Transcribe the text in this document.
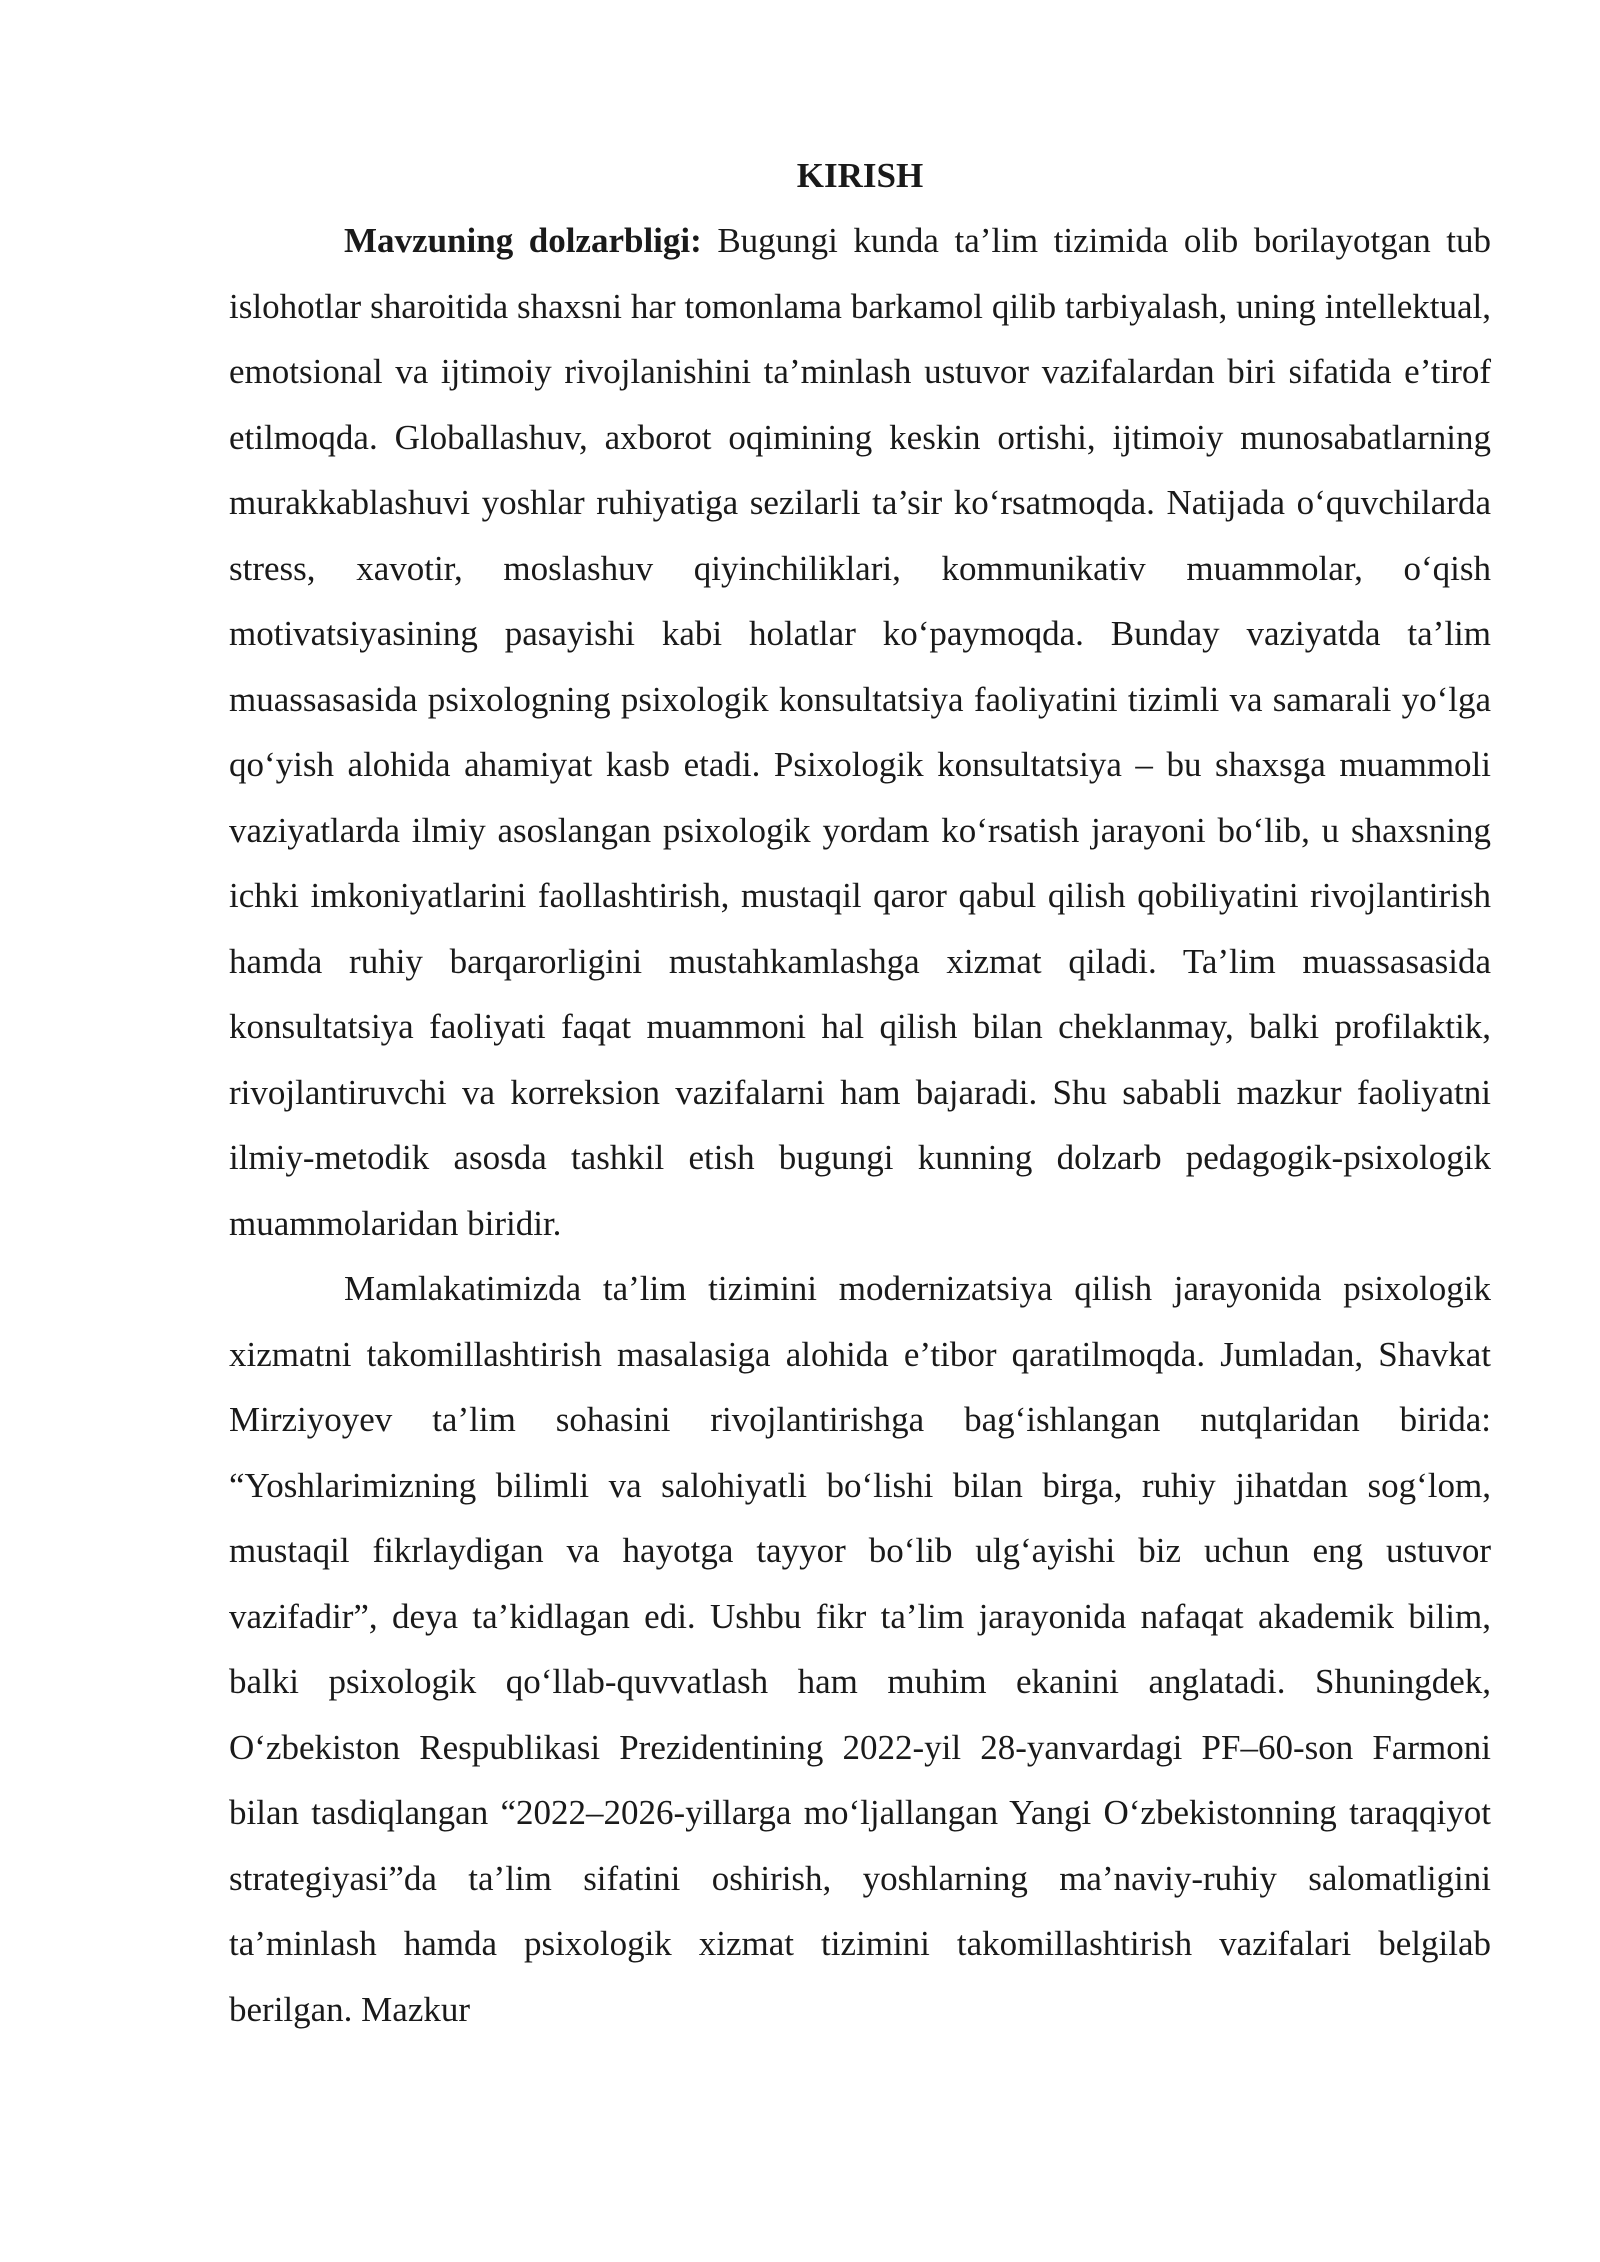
KIRISH

Mavzuning dolzarbligi: Bugungi kunda ta’lim tizimida olib borilayotgan tub islohotlar sharoitida shaxsni har tomonlama barkamol qilib tarbiyalash, uning intellektual, emotsional va ijtimoiy rivojlanishini ta’minlash ustuvor vazifalardan biri sifatida e’tirof etilmoqda. Globallashuv, axborot oqimining keskin ortishi, ijtimoiy munosabatlarning murakkablashuvi yoshlar ruhiyatiga sezilarli ta’sir ko‘rsatmoqda. Natijada o‘quvchilarda stress, xavotir, moslashuv qiyinchiliklari, kommunikativ muammolar, o‘qish motivatsiyasining pasayishi kabi holatlar ko‘paymoqda. Bunday vaziyatda ta’lim muassasasida psixologning psixologik konsultatsiya faoliyatini tizimli va samarali yo‘lga qo‘yish alohida ahamiyat kasb etadi. Psixologik konsultatsiya – bu shaxsga muammoli vaziyatlarda ilmiy asoslangan psixologik yordam ko‘rsatish jarayoni bo‘lib, u shaxsning ichki imkoniyatlarini faollashtirish, mustaqil qaror qabul qilish qobiliyatini rivojlantirish hamda ruhiy barqarorligini mustahkamlashga xizmat qiladi. Ta’lim muassasasida konsultatsiya faoliyati faqat muammoni hal qilish bilan cheklanmay, balki profilaktik, rivojlantiruvchi va korreksion vazifalarni ham bajaradi. Shu sababli mazkur faoliyatni ilmiy-metodik asosda tashkil etish bugungi kunning dolzarb pedagogik-psixologik muammolaridan biridir.

Mamlakatimizda ta’lim tizimini modernizatsiya qilish jarayonida psixologik xizmatni takomillashtirish masalasiga alohida e’tibor qaratilmoqda. Jumladan, Shavkat Mirziyoyev ta’lim sohasini rivojlantirishga bag‘ishlangan nutqlaridan birida: “Yoshlarimizning bilimli va salohiyatli bo‘lishi bilan birga, ruhiy jihatdan sog‘lom, mustaqil fikrlaydigan va hayotga tayyor bo‘lib ulg‘ayishi biz uchun eng ustuvor vazifadir”, deya ta’kidlagan edi. Ushbu fikr ta’lim jarayonida nafaqat akademik bilim, balki psixologik qo‘llab-quvvatlash ham muhim ekanini anglatadi. Shuningdek, O‘zbekiston Respublikasi Prezidentining 2022-yil 28-yanvardagi PF–60-son Farmoni bilan tasdiqlangan “2022–2026-yillarga mo‘ljallangan Yangi O‘zbekistonning taraqqiyot strategiyasi”da ta’lim sifatini oshirish, yoshlarning ma’naviy-ruhiy salomatligini ta’minlash hamda psixologik xizmat tizimini takomillashtirish vazifalari belgilab berilgan. Mazkur
